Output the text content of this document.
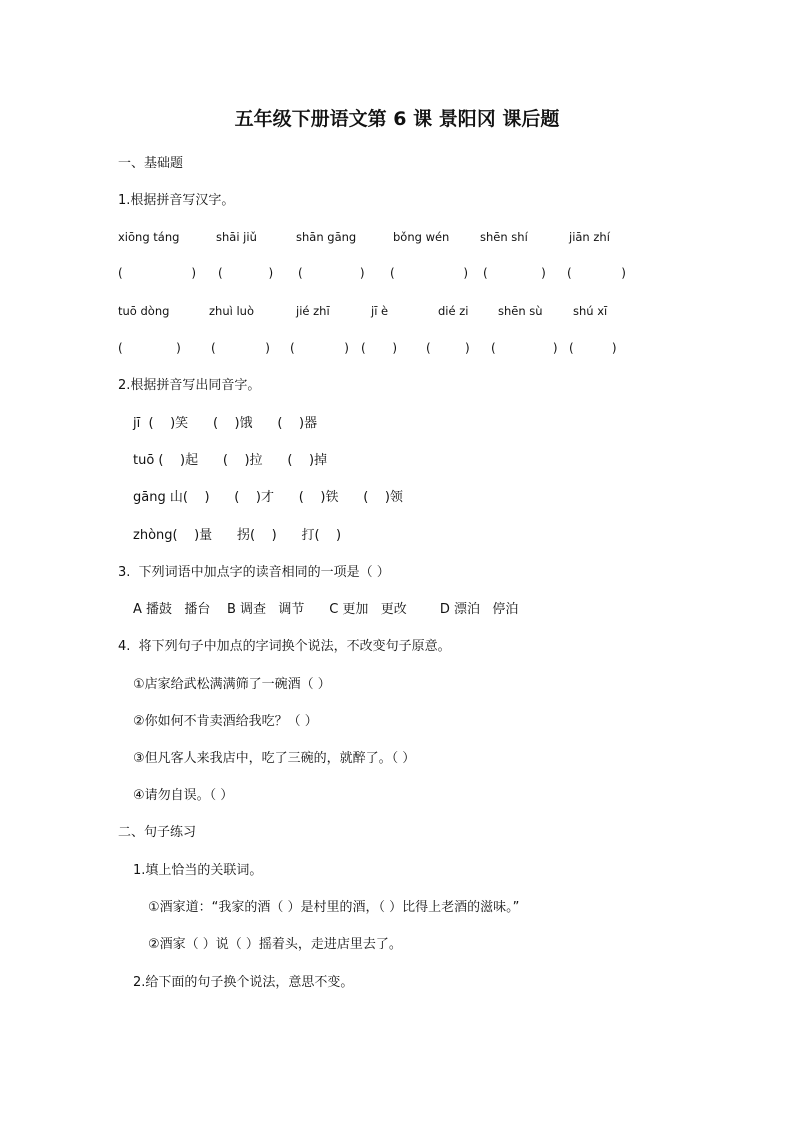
五年级下册语文第 6 课 景阳冈 课后题
一、基础题
1.根据拼音写汉字。
xiōng táng	shāi jiǔ	shān gāng	bǒng wén	shēn shí	jiān zhí
(                  ) (            ) (               ) (                  ) (              ) (             )
tuō dòng	zhuì luò	jié zhī	jī è	dié zi	shēn sù	shú xī
(              )	(             ) (             ) (       ) (         ) (               ) (          )
2.根据拼音写出同音字。
jī  (    )笑      (    )饿      (    )器
tuō (    )起      (    )拉      (    )掉
gāng 山(    )      (    )才      (    )铁      (    )领
zhòng(    )量      拐(    )      打(    )
3.  下列词语中加点字的读音相同的一项是（ ）
A 播鼓   播台    B 调查   调节      C 更加   更改        D 漂泊   停泊
4.  将下列句子中加点的字词换个说法，不改变句子原意。
①店家给武松满满筛了一碗酒（ ）
②你如何不肯卖酒给我吃？（ ）
③但凡客人来我店中，吃了三碗的，就醉了。（ ）
④请勿自误。（ ）
二、句子练习
1.填上恰当的关联词。
①酒家道：“我家的酒（ ）是村里的酒，（ ）比得上老酒的滋味。”
②酒家（ ）说（ ）摇着头，走进店里去了。
2.给下面的句子换个说法，意思不变。
